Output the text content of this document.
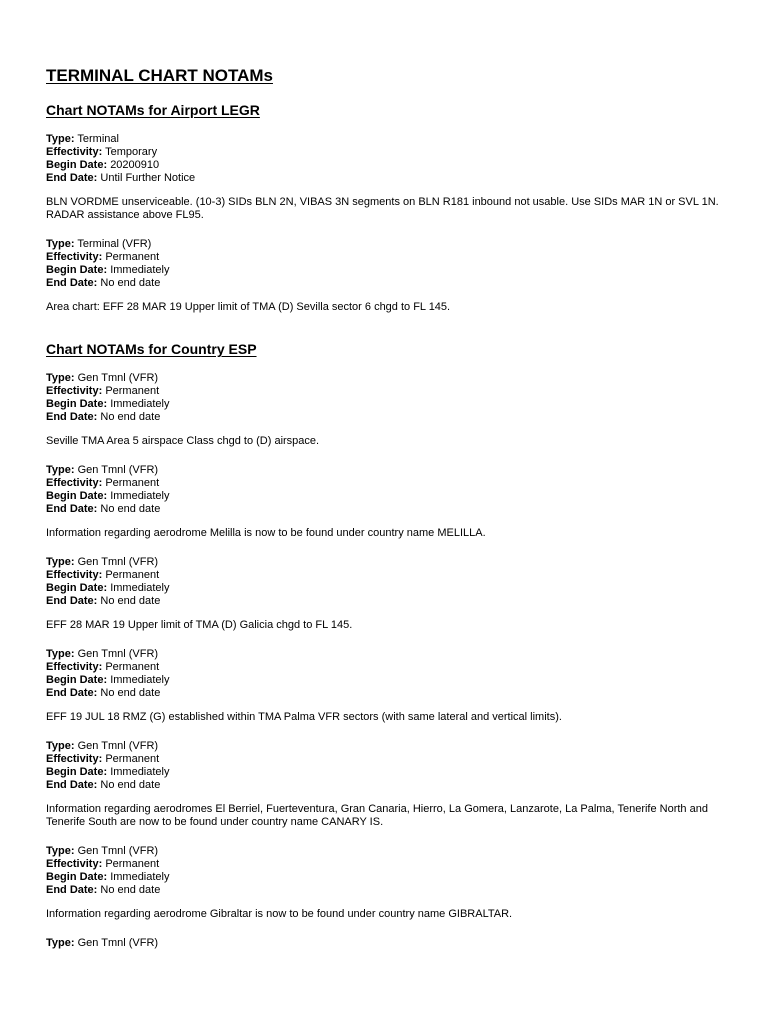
TERMINAL CHART NOTAMs
Chart NOTAMs for Airport LEGR
Type: Terminal
Effectivity: Temporary
Begin Date: 20200910
End Date: Until Further Notice

BLN VORDME unserviceable. (10-3) SIDs BLN 2N, VIBAS 3N segments on BLN R181 inbound not usable. Use SIDs MAR 1N or SVL 1N. RADAR assistance above FL95.

Type: Terminal (VFR)
Effectivity: Permanent
Begin Date: Immediately
End Date: No end date

Area chart: EFF 28 MAR 19 Upper limit of TMA (D) Sevilla sector 6 chgd to FL 145.

Chart NOTAMs for Country ESP
Type: Gen Tmnl (VFR)
Effectivity: Permanent
Begin Date: Immediately
End Date: No end date

Seville TMA Area 5 airspace Class chgd to (D) airspace.

Type: Gen Tmnl (VFR)
Effectivity: Permanent
Begin Date: Immediately
End Date: No end date

Information regarding aerodrome Melilla is now to be found under country name MELILLA.

Type: Gen Tmnl (VFR)
Effectivity: Permanent
Begin Date: Immediately
End Date: No end date

EFF 28 MAR 19 Upper limit of TMA (D) Galicia chgd to FL 145.

Type: Gen Tmnl (VFR)
Effectivity: Permanent
Begin Date: Immediately
End Date: No end date

EFF 19 JUL 18 RMZ (G) established within TMA Palma VFR sectors (with same lateral and vertical limits).

Type: Gen Tmnl (VFR)
Effectivity: Permanent
Begin Date: Immediately
End Date: No end date

Information regarding aerodromes El Berriel, Fuerteventura, Gran Canaria, Hierro, La Gomera, Lanzarote, La Palma, Tenerife North and Tenerife South are now to be found under country name CANARY IS.

Type: Gen Tmnl (VFR)
Effectivity: Permanent
Begin Date: Immediately
End Date: No end date

Information regarding aerodrome Gibraltar is now to be found under country name GIBRALTAR.

Type: Gen Tmnl (VFR)
